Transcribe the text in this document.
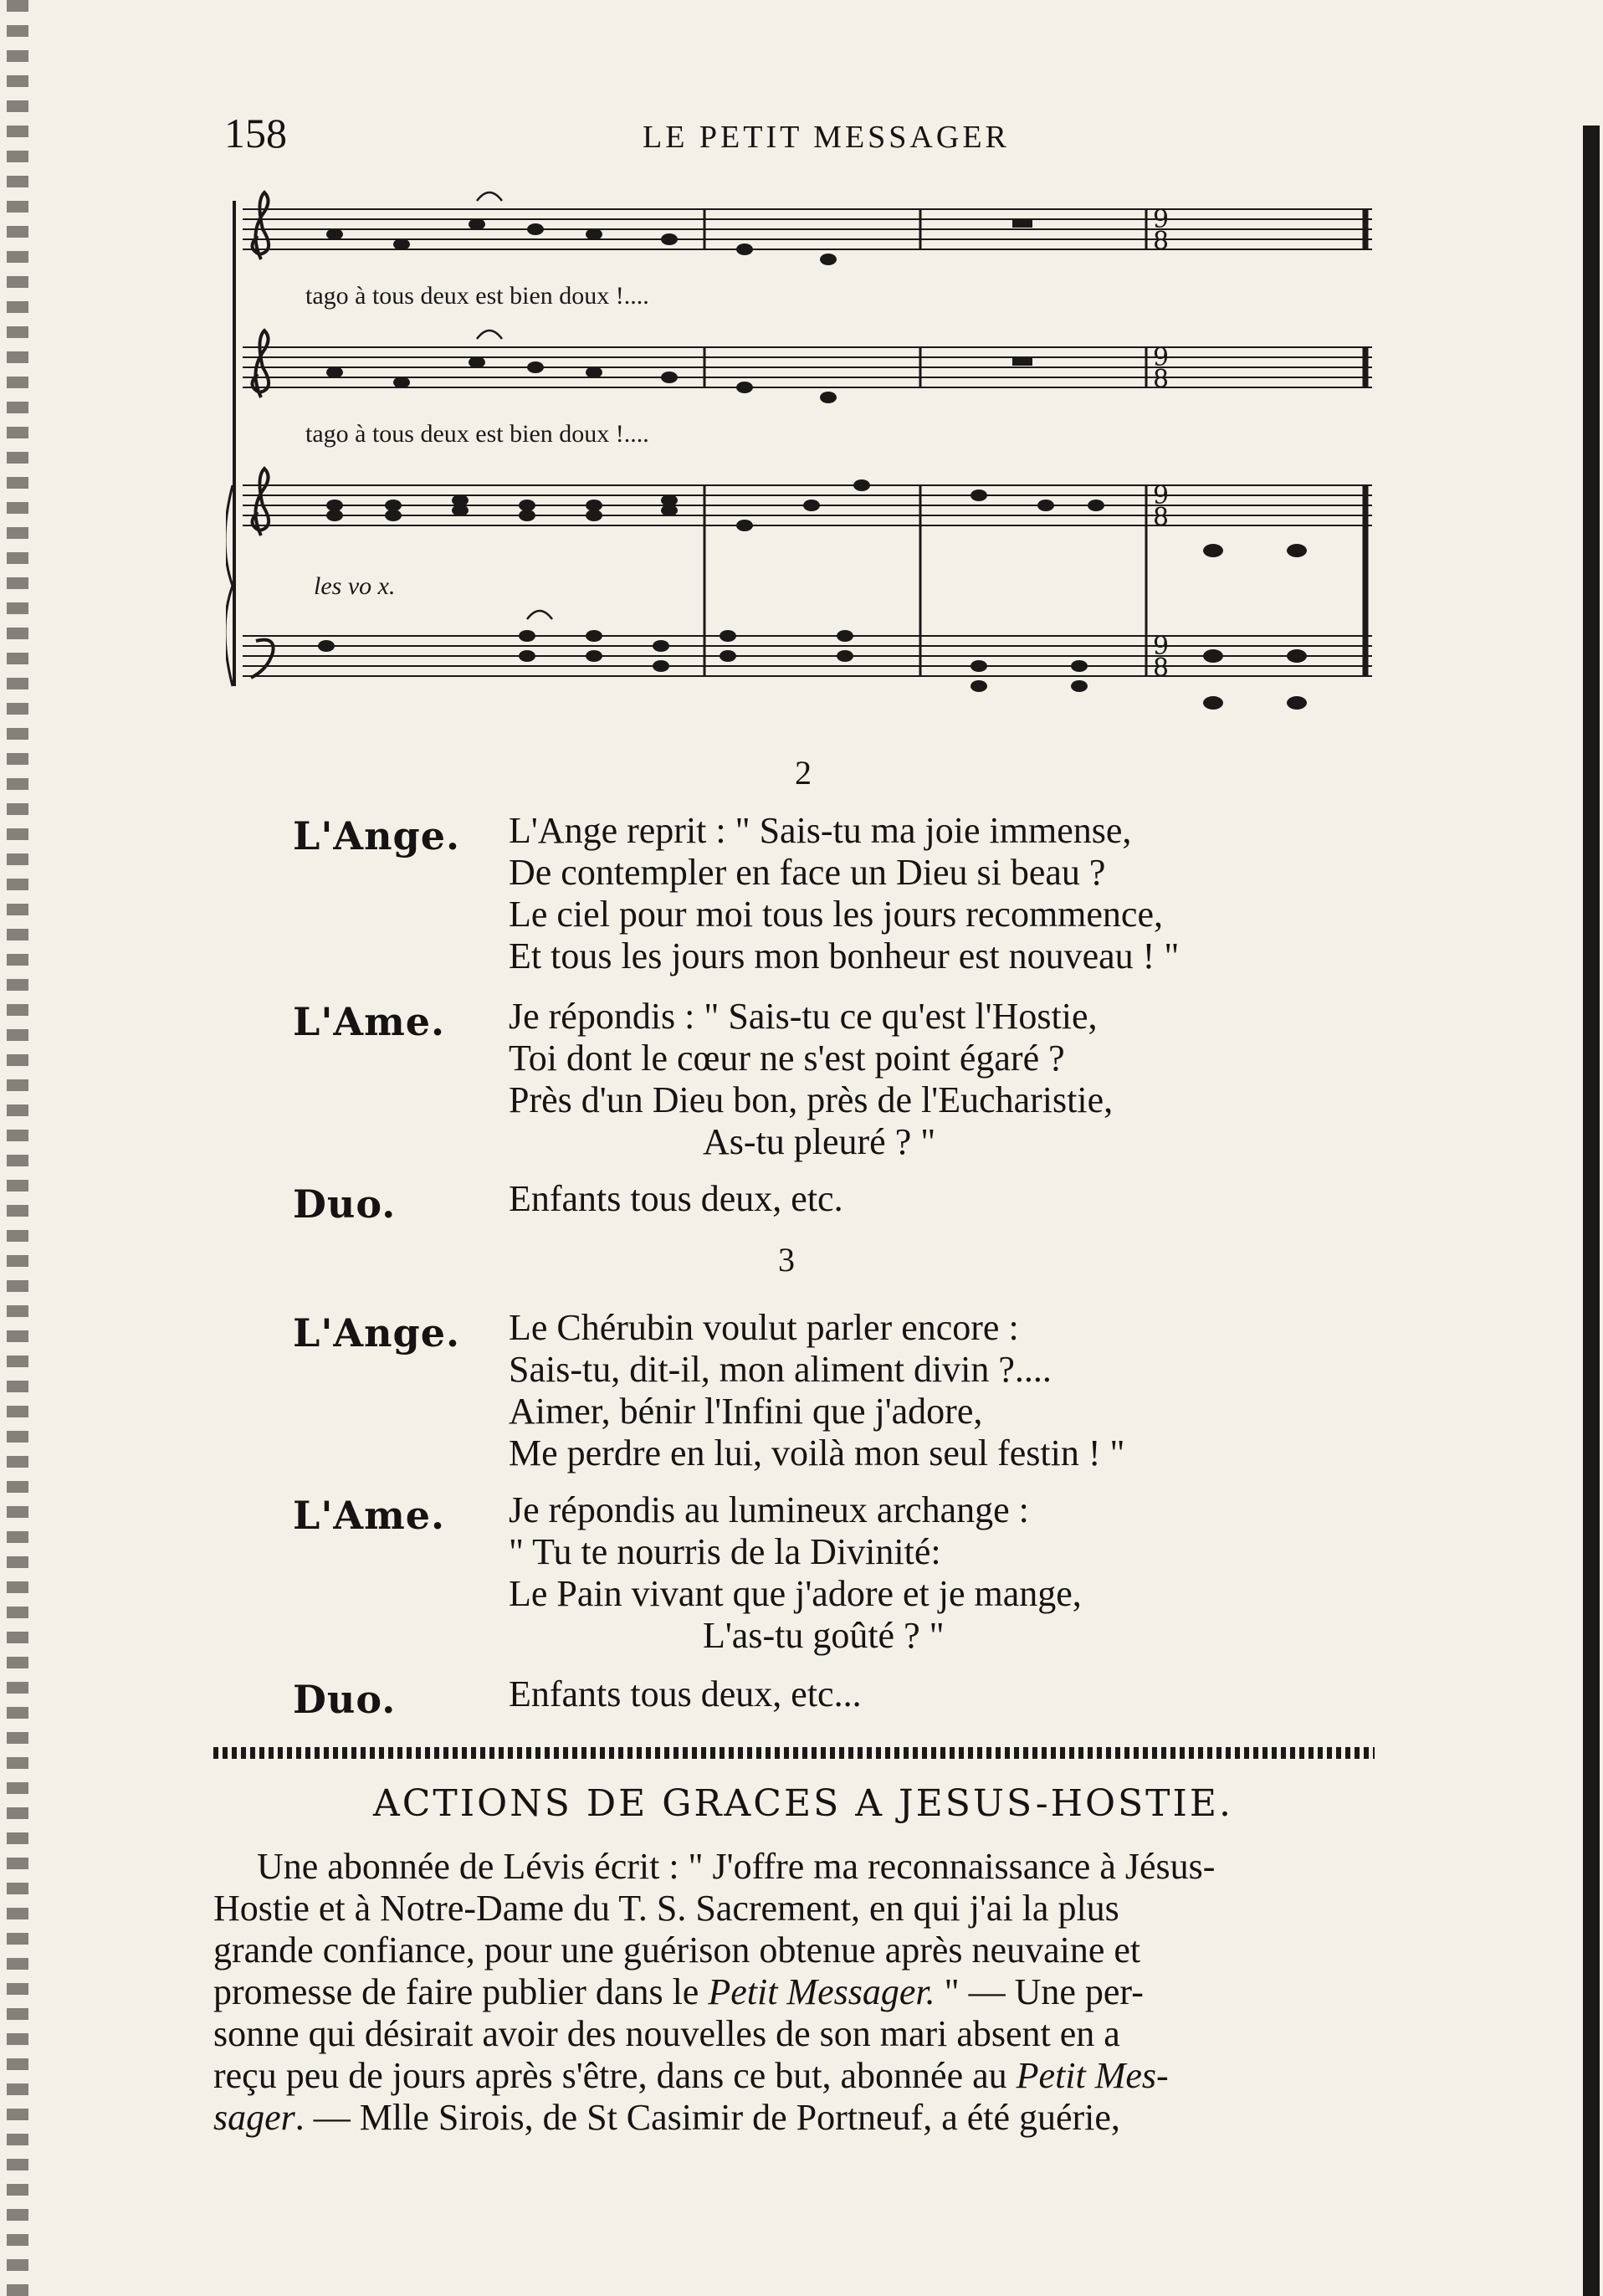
158	LE PETIT MESSAGER
9
8
9
8
9
8
9
8
tago à tous deux est bien doux !....
tago à tous deux est bien doux !....
les vo x.
2
L'Ange. L'Ange reprit : " Sais-tu ma joie immense,
De contempler en face un Dieu si beau ?
Le ciel pour moi tous les jours recommence,
Et tous les jours mon bonheur est nouveau ! "
L'Ame. Je répondis : " Sais-tu ce qu'est l'Hostie,
Toi dont le cœur ne s'est point égaré ?
Près d'un Dieu bon, près de l'Eucharistie,
As-tu pleuré ? "
Duo.	Enfants tous deux, etc.
3
L'Ange. Le Chérubin voulut parler encore :
Sais-tu, dit-il, mon aliment divin ?....
Aimer, bénir l'Infini que j'adore,
Me perdre en lui, voilà mon seul festin ! "
L'Ame. Je répondis au lumineux archange :
" Tu te nourris de la Divinité:
Le Pain vivant que j'adore et je mange,
L'as-tu goûté ? "
Duo.	Enfants tous deux, etc...
ACTIONS DE GRACES A JESUS-HOSTIE.
Une abonnée de Lévis écrit : " J'offre ma reconnaissance à Jésus-
Hostie et à Notre-Dame du T. S. Sacrement, en qui j'ai la plus
grande confiance, pour une guérison obtenue après neuvaine et
promesse de faire publier dans le Petit Messager. " — Une per-
sonne qui désirait avoir des nouvelles de son mari absent en a
reçu peu de jours après s'être, dans ce but, abonnée au Petit Mes-
sager. — Mlle Sirois, de St Casimir de Portneuf, a été guérie,
